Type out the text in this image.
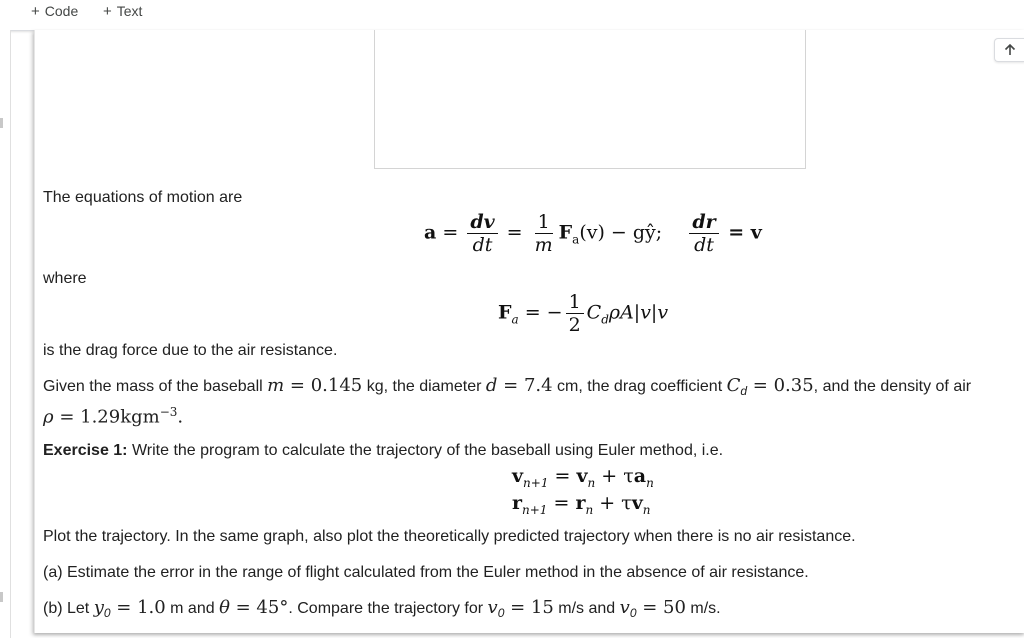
+ Code + Text
The equations of motion are
$a = \frac{dv}{dt} = \frac{1}{m} F_a(v)$ − gŷ; $\frac{dr}{dt} = v$
where
$F_a$ = − $\frac{1}{2} C_d\rho A|v|v$
is the drag force due to the air resistance.
Given the mass of the baseball m = 0.145 kg, the diameter d = 7.4 cm, the drag coefficient $C_d = 0.35$, and the density of air
ρ = 1.29kgm$^{-3}$.
Exercise 1: Write the program to calculate the trajectory of the baseball using Euler method, i.e.
$v_{n+1} = v_n + \tau a_n$
$r_{n+1} = r_n + \tau v_n$
Plot the trajectory. In the same graph, also plot the theoretically predicted trajectory when there is no air resistance.
(a) Estimate the error in the range of flight calculated from the Euler method in the absence of air resistance.
(b) Let $y_0 = 1.0$ m and θ = 45°. Compare the trajectory for $v_0 = 15$ m/s and $v_0 = 50$ m/s.
